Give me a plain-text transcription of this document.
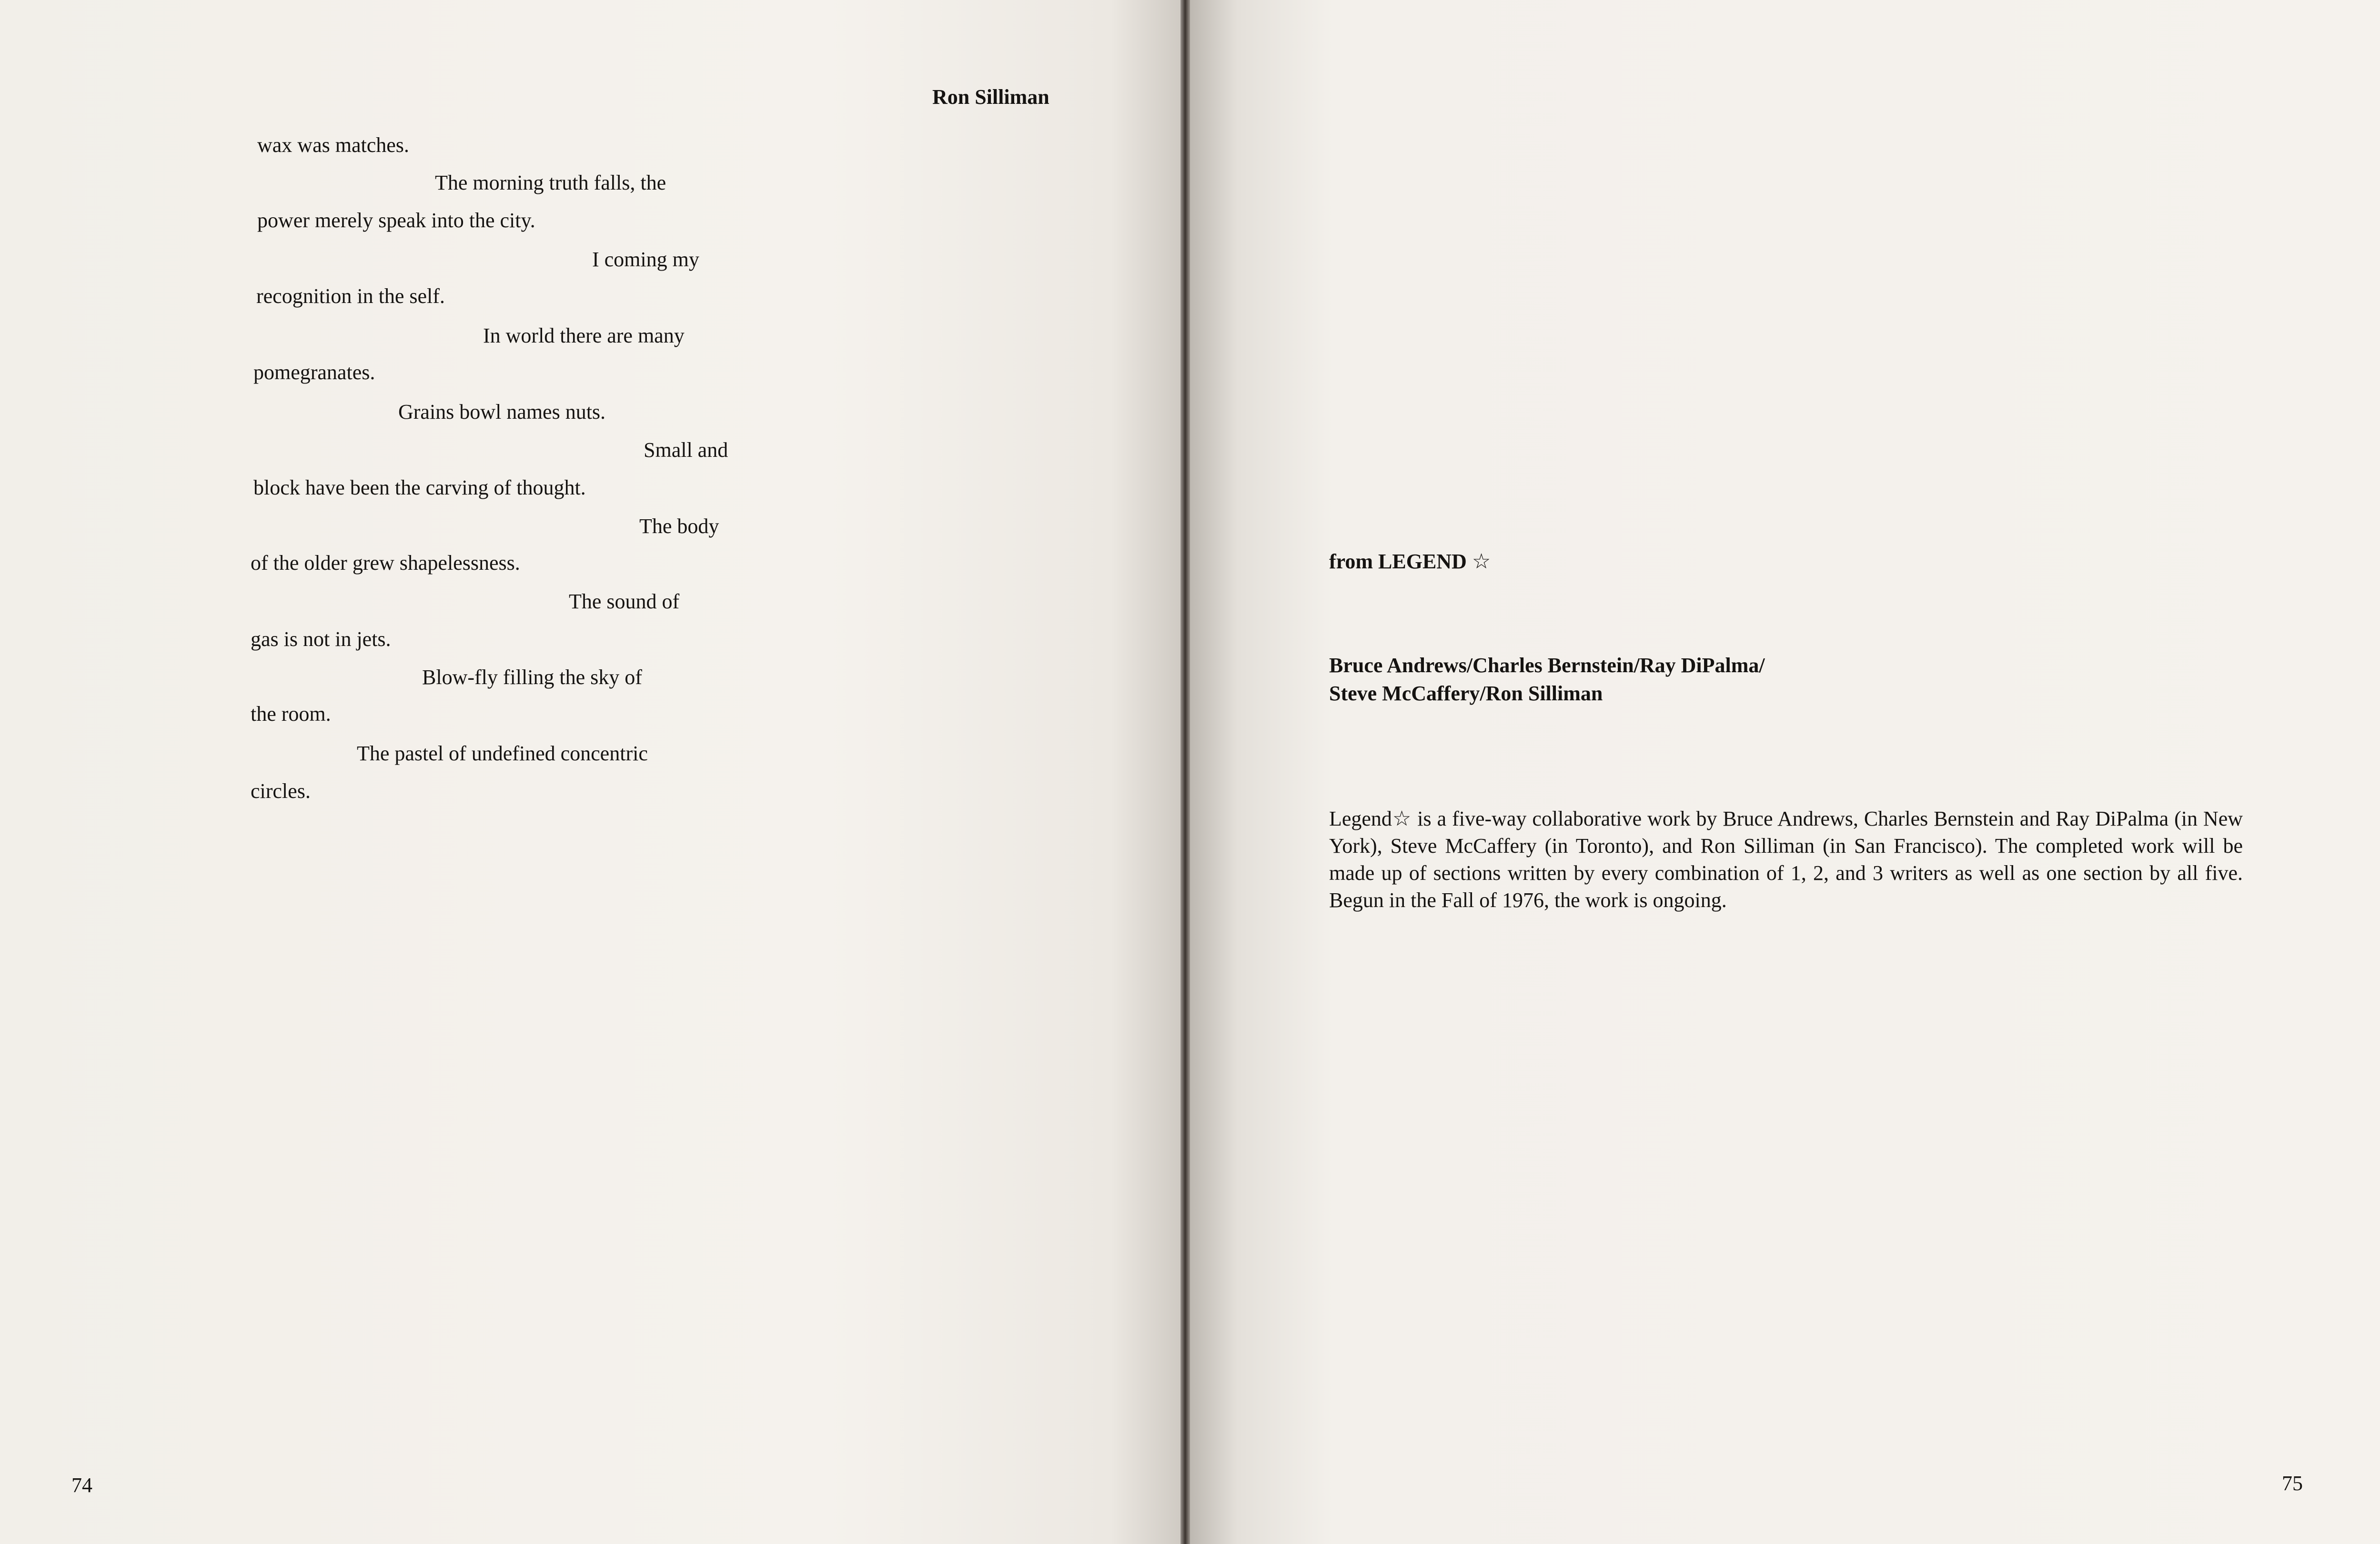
Ron Silliman
wax was matches.
The morning truth falls, the
power merely speak into the city.
I coming my
recognition in the self.
In world there are many
pomegranates.
Grains bowl names nuts.
Small and
block have been the carving of thought.
The body
of the older grew shapelessness.
The sound of
gas is not in jets.
Blow-fly filling the sky of
the room.
The pastel of undefined concentric
circles.
74
from LEGEND ☆
Bruce Andrews/Charles Bernstein/Ray DiPalma/
Steve McCaffery/Ron Silliman
Legend☆ is a five-way collaborative work by Bruce Andrews, Charles Bernstein and Ray DiPalma (in New York), Steve McCaffery (in Toronto), and Ron Silliman (in San Francisco). The completed work will be made up of sections written by every combination of 1, 2, and 3 writers as well as one section by all five. Begun in the Fall of 1976, the work is ongoing.
75
